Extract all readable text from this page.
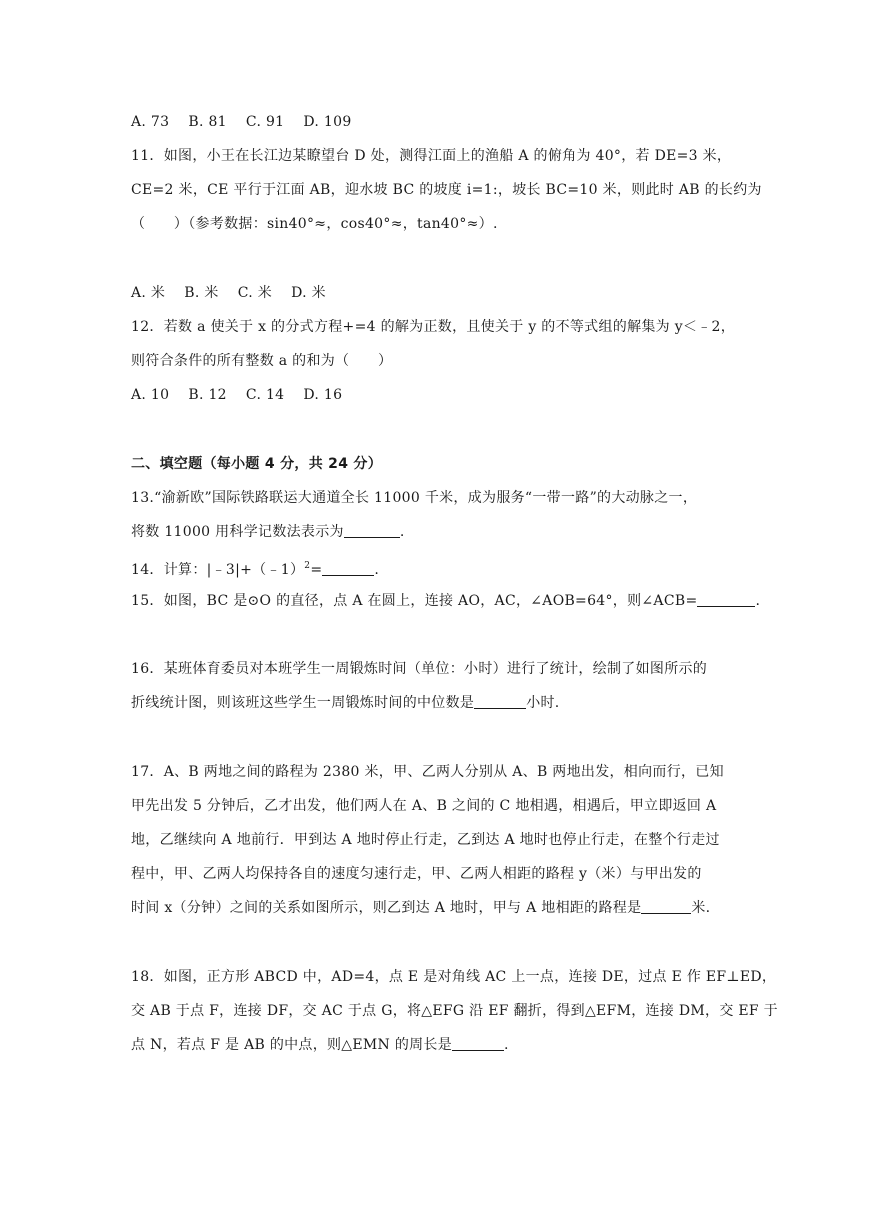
A. 73　 B. 81　 C. 91　 D. 109
11．如图，小王在长江边某瞭望台 D 处，测得江面上的渔船 A 的俯角为 40°，若 DE=3 米，
CE=2 米，CE 平行于江面 AB，迎水坡 BC 的坡度 i=1:，坡长 BC=10 米，则此时 AB 的长约为
（　　）（参考数据：sin40°≈，cos40°≈，tan40°≈）.
A. 米　 B. 米　 C. 米　 D. 米
12．若数 a 使关于 x 的分式方程+=4 的解为正数，且使关于 y 的不等式组的解集为 y＜﹣2，
则符合条件的所有整数 a 的和为（　　）
A. 10　 B. 12　 C. 14　 D. 16
二、填空题（每小题 4 分，共 24 分）
13.“渝新欧”国际铁路联运大通道全长 11000 千米，成为服务“一带一路”的大动脉之一，
将数 11000 用科学记数法表示为	.
14．计算：|﹣3|+（﹣1）$^2$=	.
15．如图，BC 是⊙O 的直径，点 A 在圆上，连接 AO，AC，∠AOB=64°，则∠ACB=	.
16．某班体育委员对本班学生一周锻炼时间（单位：小时）进行了统计，绘制了如图所示的
折线统计图，则该班这些学生一周锻炼时间的中位数是	小时.
17．A、B 两地之间的路程为 2380 米，甲、乙两人分别从 A、B 两地出发，相向而行，已知
甲先出发 5 分钟后，乙才出发，他们两人在 A、B 之间的 C 地相遇，相遇后，甲立即返回 A
地，乙继续向 A 地前行．甲到达 A 地时停止行走，乙到达 A 地时也停止行走，在整个行走过
程中，甲、乙两人均保持各自的速度匀速行走，甲、乙两人相距的路程 y（米）与甲出发的
时间 x（分钟）之间的关系如图所示，则乙到达 A 地时，甲与 A 地相距的路程是	米.
18．如图，正方形 ABCD 中，AD=4，点 E 是对角线 AC 上一点，连接 DE，过点 E 作 EF⊥ED，
交 AB 于点 F，连接 DF，交 AC 于点 G，将△EFG 沿 EF 翻折，得到△EFM，连接 DM，交 EF 于
点 N，若点 F 是 AB 的中点，则△EMN 的周长是	.
